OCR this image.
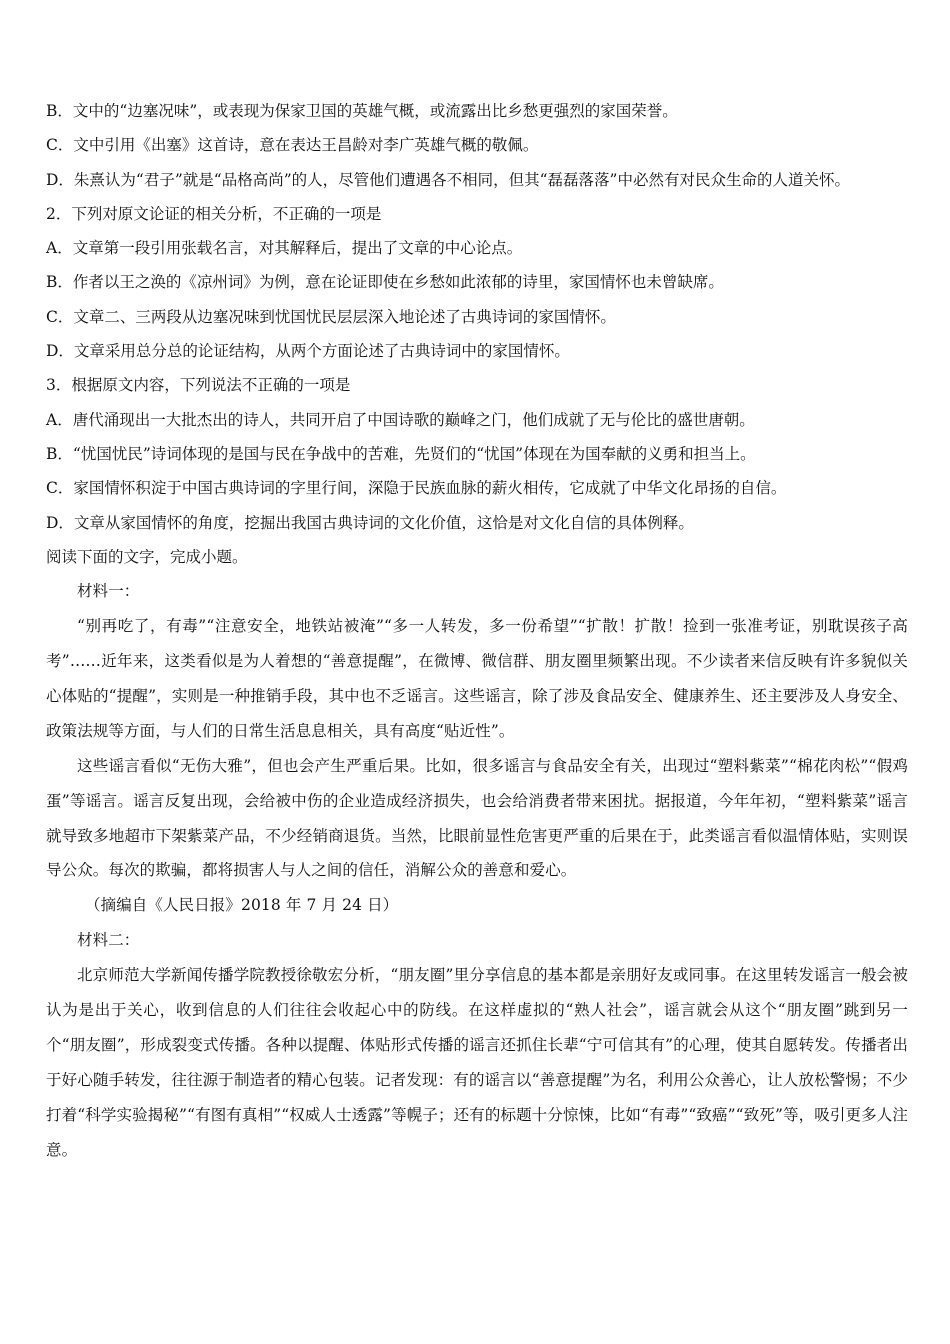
B．文中的“边塞况味”，或表现为保家卫国的英雄气概，或流露出比乡愁更强烈的家国荣誉。
C．文中引用《出塞》这首诗，意在表达王昌龄对李广英雄气概的敬佩。
D．朱熹认为“君子”就是“品格高尚”的人，尽管他们遭遇各不相同，但其“磊磊落落”中必然有对民众生命的人道关怀。
2．下列对原文论证的相关分析，不正确的一项是
A．文章第一段引用张载名言，对其解释后，提出了文章的中心论点。
B．作者以王之涣的《凉州词》为例，意在论证即使在乡愁如此浓郁的诗里，家国情怀也未曾缺席。
C．文章二、三两段从边塞况味到忧国忧民层层深入地论述了古典诗词的家国情怀。
D．文章采用总分总的论证结构，从两个方面论述了古典诗词中的家国情怀。
3．根据原文内容，下列说法不正确的一项是
A．唐代涌现出一大批杰出的诗人，共同开启了中国诗歌的巅峰之门，他们成就了无与伦比的盛世唐朝。
B．“忧国忧民”诗词体现的是国与民在争战中的苦难，先贤们的“忧国”体现在为国奉献的义勇和担当上。
C．家国情怀积淀于中国古典诗词的字里行间，深隐于民族血脉的薪火相传，它成就了中华文化昂扬的自信。
D．文章从家国情怀的角度，挖掘出我国古典诗词的文化价值，这恰是对文化自信的具体例释。
阅读下面的文字，完成小题。
材料一：
“别再吃了，有毒”“注意安全，地铁站被淹”“多一人转发，多一份希望”“扩散！扩散！捡到一张准考证，别耽误孩子高考”……近年来，这类看似是为人着想的“善意提醒”，在微博、微信群、朋友圈里频繁出现。不少读者来信反映有许多貌似关心体贴的“提醒”，实则是一种推销手段，其中也不乏谣言。这些谣言，除了涉及食品安全、健康养生、还主要涉及人身安全、政策法规等方面，与人们的日常生活息息相关，具有高度“贴近性”。
这些谣言看似“无伤大雅”，但也会产生严重后果。比如，很多谣言与食品安全有关，出现过“塑料紫菜”“棉花肉松”“假鸡蛋”等谣言。谣言反复出现，会给被中伤的企业造成经济损失，也会给消费者带来困扰。据报道，今年年初，“塑料紫菜”谣言就导致多地超市下架紫菜产品，不少经销商退货。当然，比眼前显性危害更严重的后果在于，此类谣言看似温情体贴，实则误导公众。每次的欺骗，都将损害人与人之间的信任，消解公众的善意和爱心。
（摘编自《人民日报》2018 年 7 月 24 日）
材料二：
北京师范大学新闻传播学院教授徐敬宏分析，“朋友圈”里分享信息的基本都是亲朋好友或同事。在这里转发谣言一般会被认为是出于关心，收到信息的人们往往会收起心中的防线。在这样虚拟的“熟人社会”，谣言就会从这个“朋友圈”跳到另一个“朋友圈”，形成裂变式传播。各种以提醒、体贴形式传播的谣言还抓住长辈“宁可信其有”的心理，使其自愿转发。传播者出于好心随手转发，往往源于制造者的精心包装。记者发现：有的谣言以“善意提醒”为名，利用公众善心，让人放松警惕；不少打着“科学实验揭秘”“有图有真相”“权威人士透露”等幌子；还有的标题十分惊悚，比如“有毒”“致癌”“致死”等，吸引更多人注意。
